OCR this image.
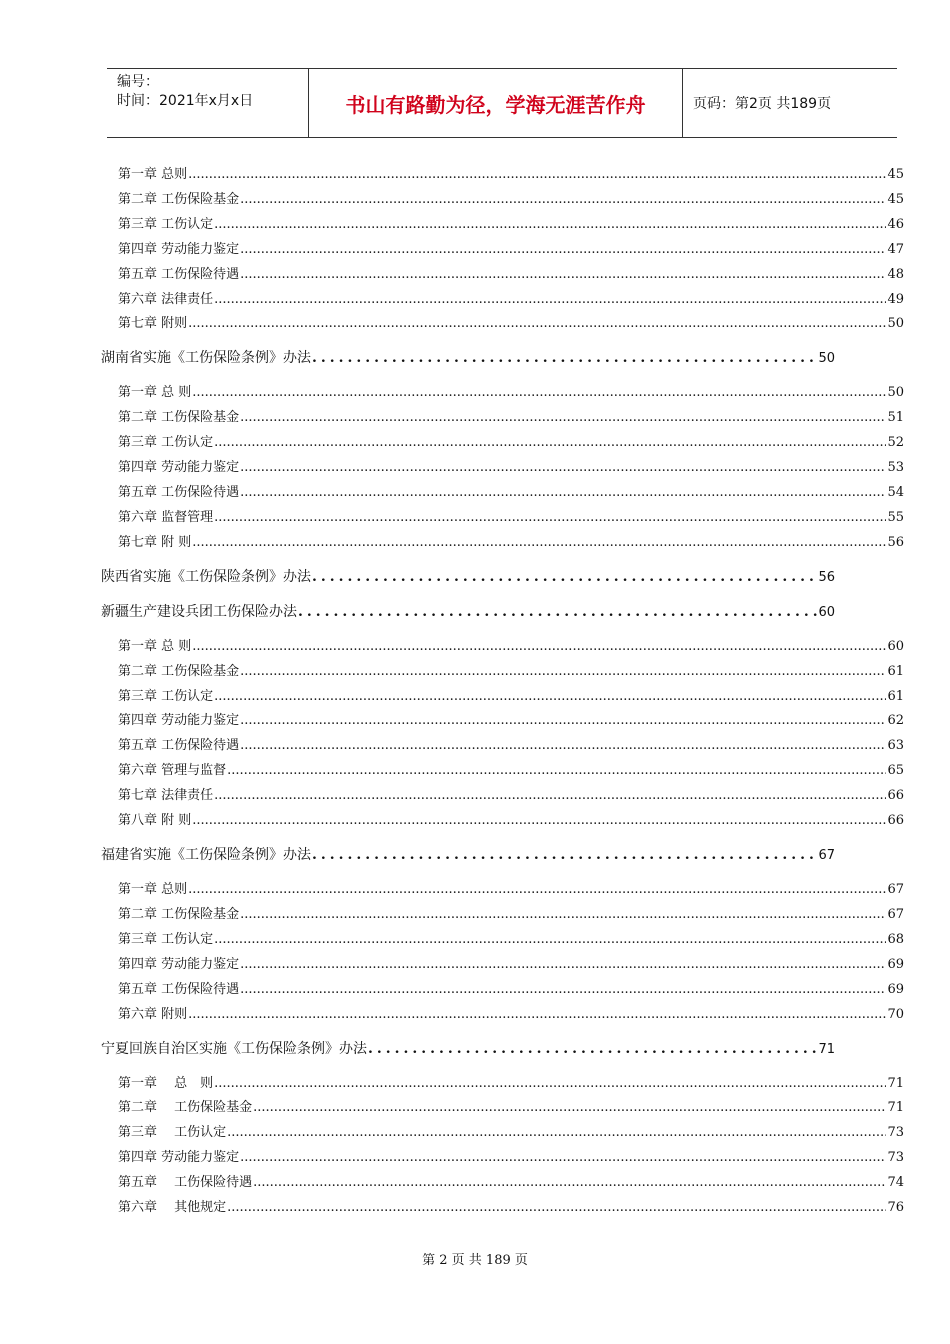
编号：
时间：2021年x月x日	书山有路勤为径，学海无涯苦作舟	页码：第2页 共189页
第一章 总则 .....	45
第二章 工伤保险基金 .....	45
第三章 工伤认定 .....	46
第四章 劳动能力鉴定 .....	47
第五章 工伤保险待遇 .....	48
第六章 法律责任 .....	49
第七章 附则 .....	50
湖南省实施《工伤保险条例》办法 .....	50
第一章 总 则 .....	50
第二章 工伤保险基金 .....	51
第三章 工伤认定 .....	52
第四章 劳动能力鉴定 .....	53
第五章 工伤保险待遇 .....	54
第六章 监督管理 .....	55
第七章 附 则 .....	56
陕西省实施《工伤保险条例》办法 .....	56
新疆生产建设兵团工伤保险办法 .....	60
第一章 总 则 .....	60
第二章 工伤保险基金 .....	61
第三章 工伤认定 .....	61
第四章 劳动能力鉴定 .....	62
第五章 工伤保险待遇 .....	63
第六章 管理与监督 .....	65
第七章 法律责任 .....	66
第八章 附 则 .....	66
福建省实施《工伤保险条例》办法 .....	67
第一章 总则 .....	67
第二章 工伤保险基金 .....	67
第三章 工伤认定 .....	68
第四章 劳动能力鉴定 .....	69
第五章 工伤保险待遇 .....	69
第六章 附则 .....	70
宁夏回族自治区实施《工伤保险条例》办法 .....	71
第一章　 总　则 .....	71
第二章　 工伤保险基金 .....	71
第三章　 工伤认定 .....	73
第四章 劳动能力鉴定 .....	73
第五章　 工伤保险待遇 .....	74
第六章　 其他规定 .....	76
第 2 页 共 189 页
